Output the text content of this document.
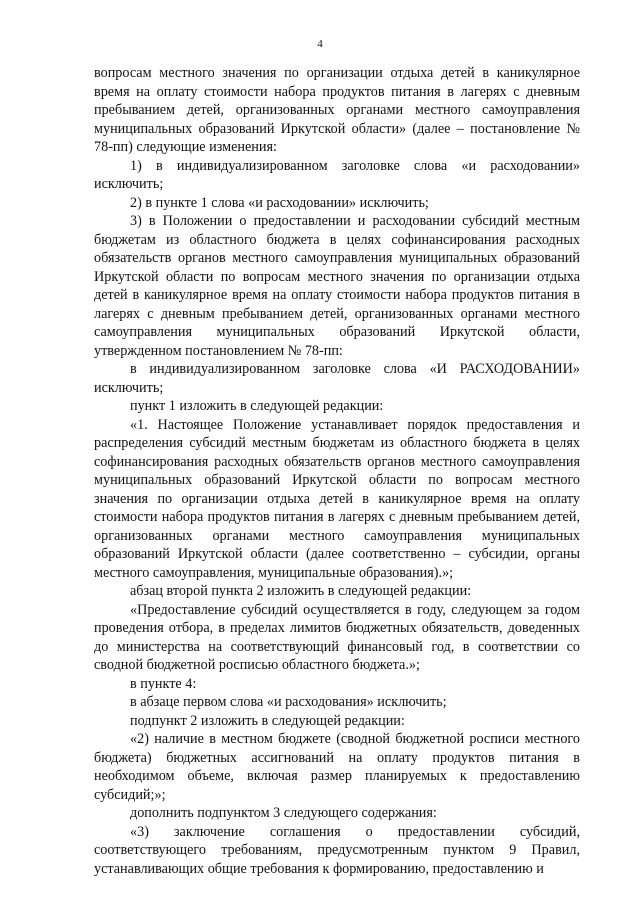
4

вопросам местного значения по организации отдыха детей в каникулярное время на оплату стоимости набора продуктов питания в лагерях с дневным пребыванием детей, организованных органами местного самоуправления муниципальных образований Иркутской области» (далее – постановление № 78-пп) следующие изменения:

1) в индивидуализированном заголовке слова «и расходовании» исключить;

2) в пункте 1 слова «и расходовании» исключить;

3) в Положении о предоставлении и расходовании субсидий местным бюджетам из областного бюджета в целях софинансирования расходных обязательств органов местного самоуправления муниципальных образований Иркутской области по вопросам местного значения по организации отдыха детей в каникулярное время на оплату стоимости набора продуктов питания в лагерях с дневным пребыванием детей, организованных органами местного самоуправления муниципальных образований Иркутской области, утвержденном постановлением № 78-пп:

в индивидуализированном заголовке слова «И РАСХОДОВАНИИ» исключить;

пункт 1 изложить в следующей редакции:

«1. Настоящее Положение устанавливает порядок предоставления и распределения субсидий местным бюджетам из областного бюджета в целях софинансирования расходных обязательств органов местного самоуправления муниципальных образований Иркутской области по вопросам местного значения по организации отдыха детей в каникулярное время на оплату стоимости набора продуктов питания в лагерях с дневным пребыванием детей, организованных органами местного самоуправления муниципальных образований Иркутской области (далее соответственно – субсидии, органы местного самоуправления, муниципальные образования).»;

абзац второй пункта 2 изложить в следующей редакции:

«Предоставление субсидий осуществляется в году, следующем за годом проведения отбора, в пределах лимитов бюджетных обязательств, доведенных до министерства на соответствующий финансовый год, в соответствии со сводной бюджетной росписью областного бюджета.»;

в пункте 4:

в абзаце первом слова «и расходования» исключить;

подпункт 2 изложить в следующей редакции:

«2) наличие в местном бюджете (сводной бюджетной росписи местного бюджета) бюджетных ассигнований на оплату продуктов питания в необходимом объеме, включая размер планируемых к предоставлению субсидий;»;

дополнить подпунктом 3 следующего содержания:

«3) заключение соглашения о предоставлении субсидий, соответствующего требованиям, предусмотренным пунктом 9 Правил, устанавливающих общие требования к формированию, предоставлению и
